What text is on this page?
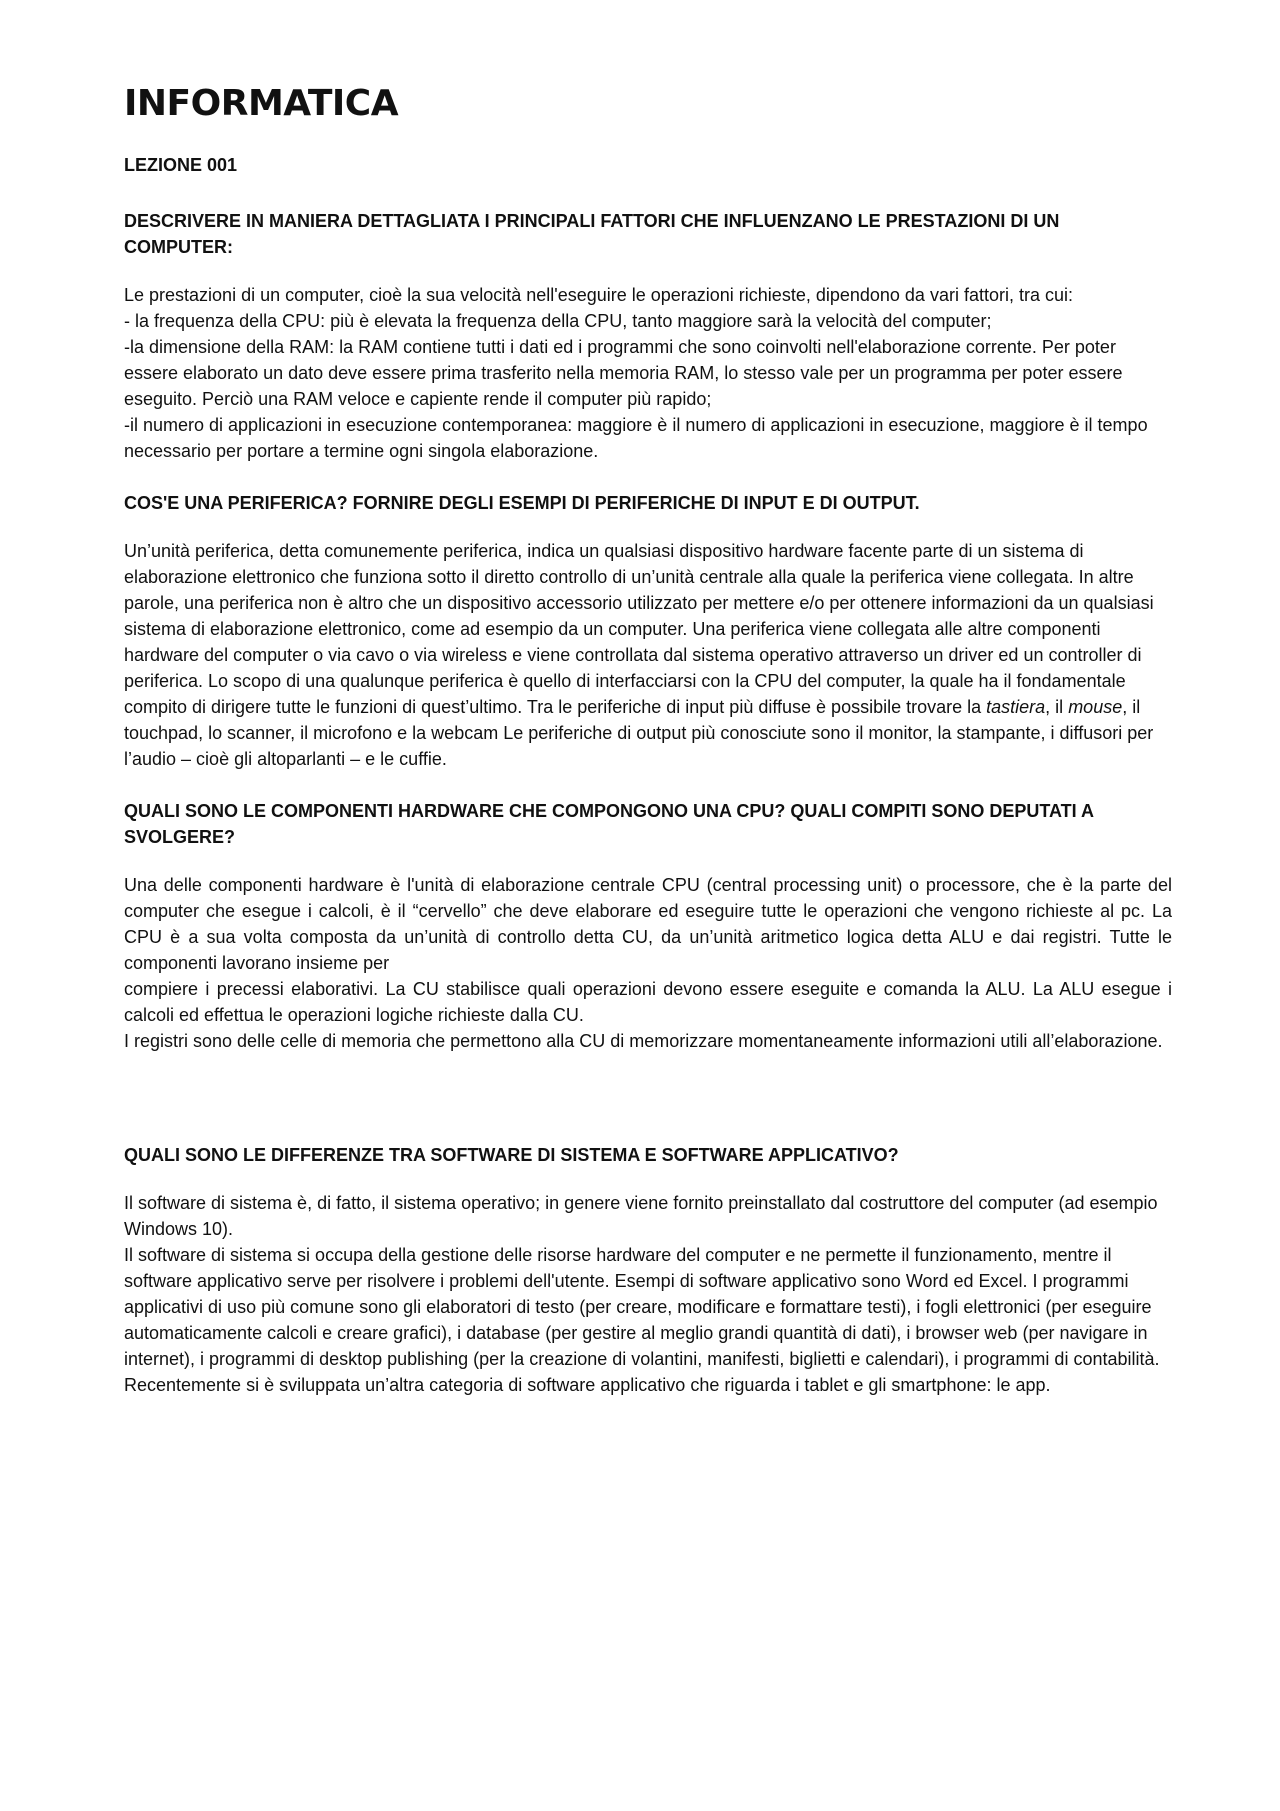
INFORMATICA
LEZIONE 001
DESCRIVERE IN MANIERA DETTAGLIATA I PRINCIPALI FATTORI CHE INFLUENZANO LE PRESTAZIONI DI UN COMPUTER:

Le prestazioni di un computer, cioè la sua velocità nell'eseguire le operazioni richieste, dipendono da vari fattori, tra cui:

- la frequenza della CPU: più è elevata la frequenza della CPU, tanto maggiore sarà la velocità del computer;

-la dimensione della RAM: la RAM contiene tutti i dati ed i programmi che sono coinvolti nell'elaborazione corrente. Per poter essere elaborato un dato deve essere prima trasferito nella memoria RAM, lo stesso vale per un programma per poter essere eseguito. Perciò una RAM veloce e capiente rende il computer più rapido;

-il numero di applicazioni in esecuzione contemporanea: maggiore è il numero di applicazioni in esecuzione, maggiore è il tempo necessario per portare a termine ogni singola elaborazione.

COS'E UNA PERIFERICA? FORNIRE DEGLI ESEMPI DI PERIFERICHE DI INPUT E DI OUTPUT.

Un’unità periferica, detta comunemente periferica, indica un qualsiasi dispositivo hardware facente parte di un sistema di elaborazione elettronico che funziona sotto il diretto controllo di un’unità centrale alla quale la periferica viene collegata. In altre parole, una periferica non è altro che un dispositivo accessorio utilizzato per mettere e/o per ottenere informazioni da un qualsiasi sistema di elaborazione elettronico, come ad esempio da un computer. Una periferica viene collegata alle altre componenti hardware del computer o via cavo o via wireless e viene controllata dal sistema operativo attraverso un driver ed un controller di periferica. Lo scopo di una qualunque periferica è quello di interfacciarsi con la CPU del computer, la quale ha il fondamentale compito di dirigere tutte le funzioni di quest’ultimo. Tra le periferiche di input più diffuse è possibile trovare la tastiera, il mouse, il touchpad, lo scanner, il microfono e la webcam Le periferiche di output più conosciute sono il monitor, la stampante, i diffusori per l’audio – cioè gli altoparlanti – e le cuffie.

QUALI SONO LE COMPONENTI HARDWARE CHE COMPONGONO UNA CPU? QUALI COMPITI SONO DEPUTATI A SVOLGERE?

Una delle componenti hardware è l'unità di elaborazione centrale CPU (central processing unit) o processore, che è la parte del computer che esegue i calcoli, è il “cervello” che deve elaborare ed eseguire tutte le operazioni che vengono richieste al pc. La CPU è a sua volta composta da un’unità di controllo detta CU, da un’unità aritmetico logica detta ALU e dai registri. Tutte le componenti lavorano insieme per

compiere i precessi elaborativi. La CU stabilisce quali operazioni devono essere eseguite e comanda la ALU. La ALU esegue i calcoli ed effettua le operazioni logiche richieste dalla CU.

I registri sono delle celle di memoria che permettono alla CU di memorizzare momentaneamente informazioni utili all’elaborazione.

QUALI SONO LE DIFFERENZE TRA SOFTWARE DI SISTEMA E SOFTWARE APPLICATIVO?

Il software di sistema è, di fatto, il sistema operativo; in genere viene fornito preinstallato dal costruttore del computer (ad esempio Windows 10).

Il software di sistema si occupa della gestione delle risorse hardware del computer e ne permette il funzionamento, mentre il software applicativo serve per risolvere i problemi dell'utente. Esempi di software applicativo sono Word ed Excel. I programmi applicativi di uso più comune sono gli elaboratori di testo (per creare, modificare e formattare testi), i fogli elettronici (per eseguire automaticamente calcoli e creare grafici), i database (per gestire al meglio grandi quantità di dati), i browser web (per navigare in internet), i programmi di desktop publishing (per la creazione di volantini, manifesti, biglietti e calendari), i programmi di contabilità. Recentemente si è sviluppata un’altra categoria di software applicativo che riguarda i tablet e gli smartphone: le app.
